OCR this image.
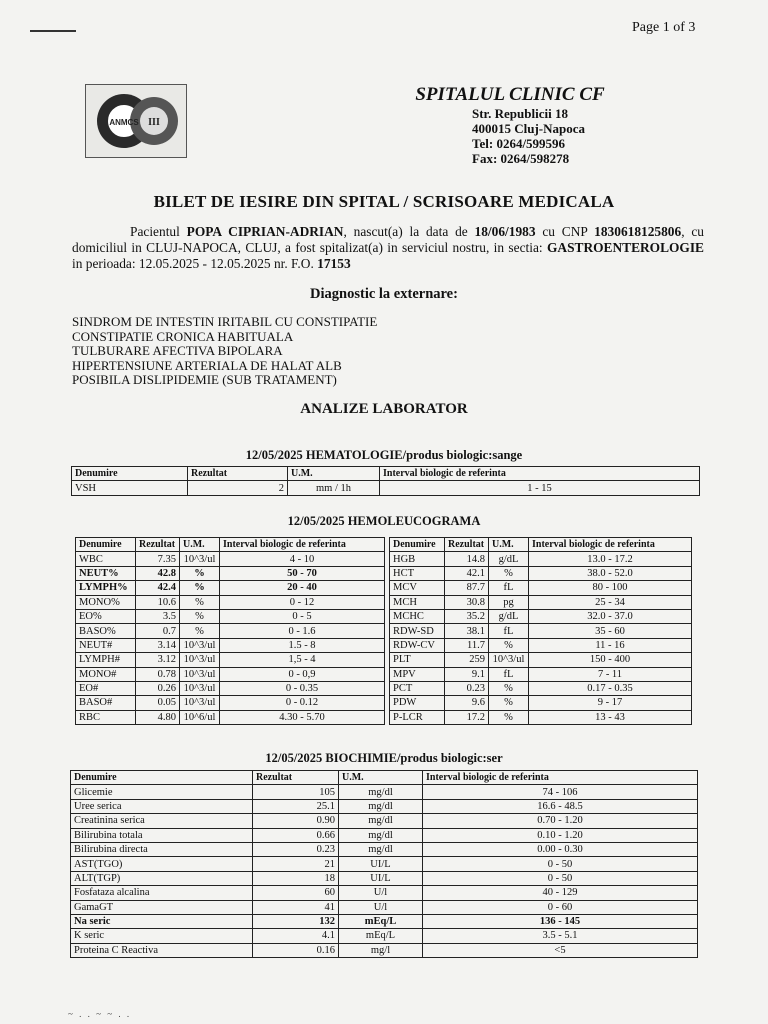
Page 1 of 3
ANMCS III
SPITALUL CLINIC CF
Str. Republicii 18
400015 Cluj-Napoca
Tel: 0264/599596
Fax: 0264/598278
BILET DE IESIRE DIN SPITAL / SCRISOARE MEDICALA
Pacientul POPA CIPRIAN-ADRIAN, nascut(a) la data de 18/06/1983 cu CNP 1830618125806, cu domiciliul in CLUJ-NAPOCA, CLUJ, a fost spitalizat(a) in serviciul nostru, in sectia: GASTROENTEROLOGIE in perioada: 12.05.2025 - 12.05.2025 nr. F.O. 17153
Diagnostic la externare:
SINDROM DE INTESTIN IRITABIL CU CONSTIPATIE
CONSTIPATIE CRONICA HABITUALA
TULBURARE AFECTIVA BIPOLARA
HIPERTENSIUNE ARTERIALA DE HALAT ALB
POSIBILA DISLIPIDEMIE (SUB TRATAMENT)
ANALIZE LABORATOR
12/05/2025 HEMATOLOGIE/produs biologic:sange
Denumire	Rezultat	U.M.	Interval biologic de referinta
VSH	2	mm / 1h	1 - 15
12/05/2025 HEMOLEUCOGRAMA
Denumire	Rezultat	U.M.	Interval biologic de referinta
WBC	7.35	10^3/ul	4 - 10
NEUT%	42.8	%	50 - 70
LYMPH%	42.4	%	20 - 40
MONO%	10.6	%	0 - 12
EO%	3.5	%	0 - 5
BASO%	0.7	%	0 - 1.6
NEUT#	3.14	10^3/ul	1.5 - 8
LYMPH#	3.12	10^3/ul	1,5 - 4
MONO#	0.78	10^3/ul	0 - 0,9
EO#	0.26	10^3/ul	0 - 0.35
BASO#	0.05	10^3/ul	0 - 0.12
RBC	4.80	10^6/ul	4.30 - 5.70
Denumire	Rezultat	U.M.	Interval biologic de referinta
HGB	14.8	g/dL	13.0 - 17.2
HCT	42.1	%	38.0 - 52.0
MCV	87.7	fL	80 - 100
MCH	30.8	pg	25 - 34
MCHC	35.2	g/dL	32.0 - 37.0
RDW-SD	38.1	fL	35 - 60
RDW-CV	11.7	%	11 - 16
PLT	259	10^3/ul	150 - 400
MPV	9.1	fL	7 - 11
PCT	0.23	%	0.17 - 0.35
PDW	9.6	%	9 - 17
P-LCR	17.2	%	13 - 43
12/05/2025 BIOCHIMIE/produs biologic:ser
Denumire	Rezultat	U.M.	Interval biologic de referinta
Glicemie	105	mg/dl	74 - 106
Uree serica	25.1	mg/dl	16.6 - 48.5
Creatinina serica	0.90	mg/dl	0.70 - 1.20
Bilirubina totala	0.66	mg/dl	0.10 - 1.20
Bilirubina directa	0.23	mg/dl	0.00 - 0.30
AST(TGO)	21	UI/L	0 - 50
ALT(TGP)	18	UI/L	0 - 50
Fosfataza alcalina	60	U/l	40 - 129
GamaGT	41	U/l	0 - 60
Na seric	132	mEq/L	136 - 145
K seric	4.1	mEq/L	3.5 - 5.1
Proteina C Reactiva	0.16	mg/l	<5
~ . . ~ ~ . .
